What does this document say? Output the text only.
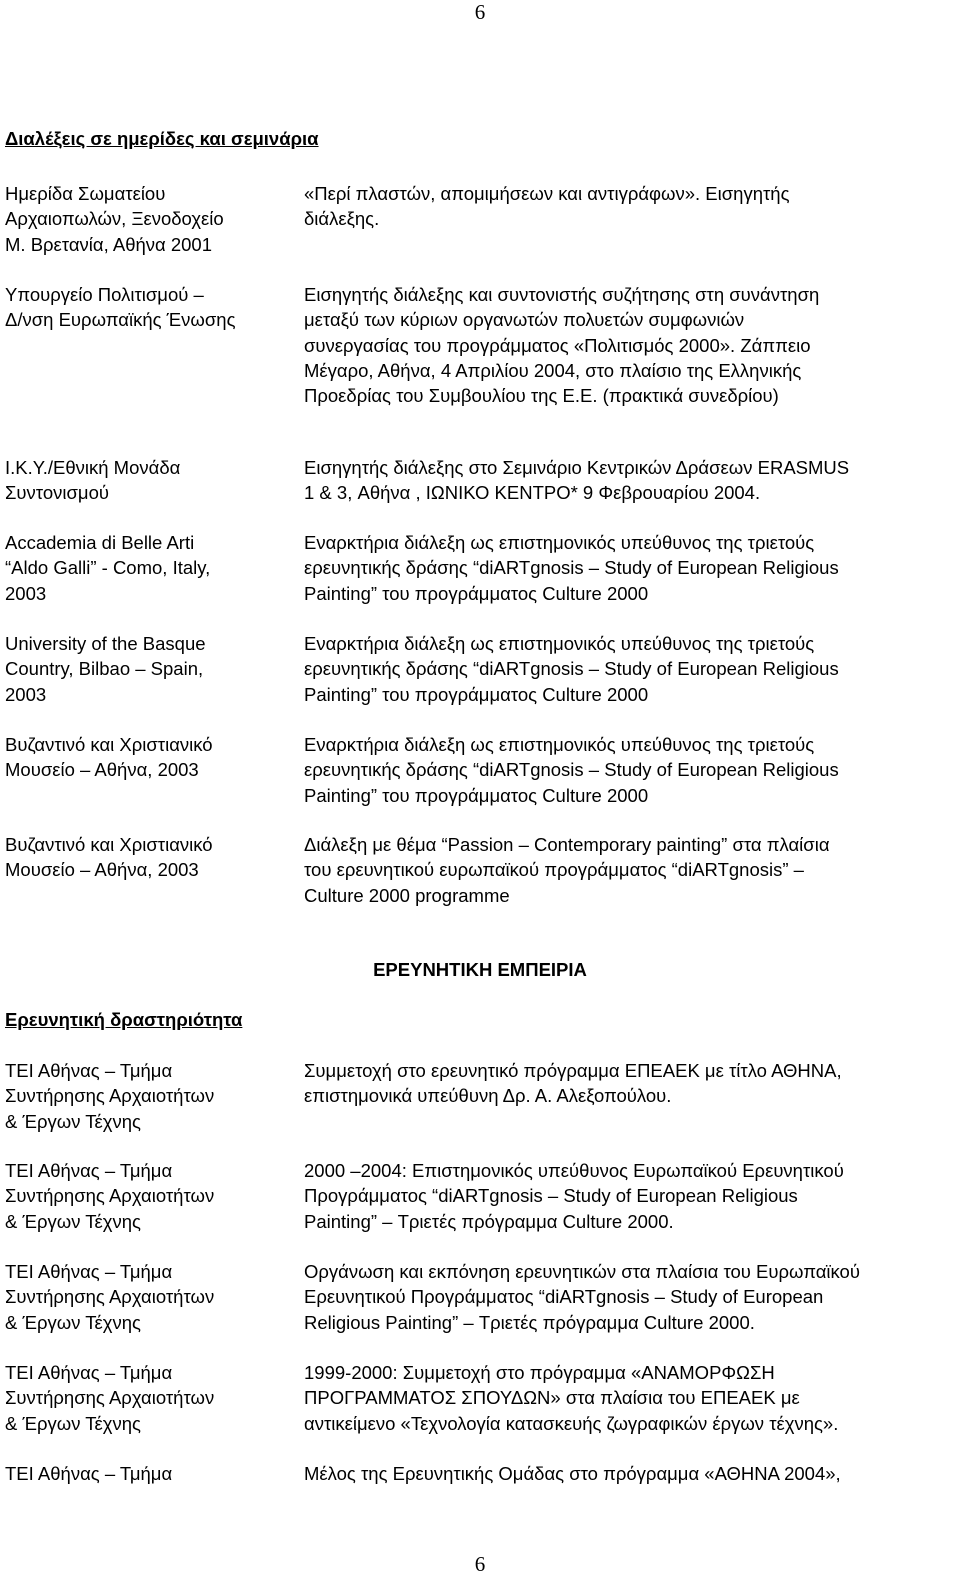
6
Διαλέξεις σε ημερίδες και σεμινάρια
Ημερίδα Σωματείου
Αρχαιοπωλών, Ξενοδοχείο
Μ. Βρετανία, Αθήνα 2001
«Περί πλαστών, απομιμήσεων και αντιγράφων». Εισηγητής
διάλεξης.
Υπουργείο Πολιτισμού –
Δ/νση Ευρωπαϊκής Ένωσης
Εισηγητής διάλεξης και συντονιστής συζήτησης στη συνάντηση
μεταξύ των κύριων οργανωτών πολυετών συμφωνιών
συνεργασίας του προγράμματος «Πολιτισμός 2000». Ζάππειο
Μέγαρο, Αθήνα, 4 Απριλίου 2004, στο πλαίσιο της Ελληνικής
Προεδρίας του Συμβουλίου της Ε.Ε. (πρακτικά συνεδρίου)
Ι.Κ.Υ./Εθνική Μονάδα
Συντονισμού
Εισηγητής διάλεξης στο Σεμινάριο Κεντρικών Δράσεων ERASMUS
1 & 3, Αθήνα , ΙΩΝΙΚΟ ΚΕΝΤΡΟ* 9 Φεβρουαρίου 2004.
Accademia di Belle Arti
“Aldo Galli” - Como, Italy,
2003
Εναρκτήρια διάλεξη ως επιστημονικός υπεύθυνος της τριετούς
ερευνητικής δράσης “diARTgnosis – Study of European Religious
Painting” του προγράμματος Culture 2000
University of the Basque
Country, Bilbao – Spain,
2003
Εναρκτήρια διάλεξη ως επιστημονικός υπεύθυνος της τριετούς
ερευνητικής δράσης “diARTgnosis – Study of European Religious
Painting” του προγράμματος Culture 2000
Βυζαντινό και Χριστιανικό
Μουσείο – Αθήνα, 2003
Εναρκτήρια διάλεξη ως επιστημονικός υπεύθυνος της τριετούς
ερευνητικής δράσης “diARTgnosis – Study of European Religious
Painting” του προγράμματος Culture 2000
Βυζαντινό και Χριστιανικό
Μουσείο – Αθήνα, 2003
Διάλεξη με θέμα “Passion – Contemporary painting” στα πλαίσια
του ερευνητικού ευρωπαϊκού προγράμματος “diARTgnosis” –
Culture 2000 programme
ΕΡΕΥΝΗΤΙΚΗ ΕΜΠΕΙΡΙΑ
Ερευνητική δραστηριότητα
ΤΕΙ Αθήνας – Τμήμα
Συντήρησης Αρχαιοτήτων
& Έργων Τέχνης
Συμμετοχή στο ερευνητικό πρόγραμμα ΕΠΕΑΕΚ με τίτλο ΑΘΗΝΑ,
επιστημονικά υπεύθυνη Δρ. Α. Αλεξοπούλου.
ΤΕΙ Αθήνας – Τμήμα
Συντήρησης Αρχαιοτήτων
& Έργων Τέχνης
2000 –2004: Επιστημονικός υπεύθυνος Ευρωπαϊκού Ερευνητικού
Προγράμματος “diARTgnosis – Study of European Religious
Painting” – Τριετές πρόγραμμα Culture 2000.
ΤΕΙ Αθήνας – Τμήμα
Συντήρησης Αρχαιοτήτων
& Έργων Τέχνης
Οργάνωση και εκπόνηση ερευνητικών στα πλαίσια του Ευρωπαϊκού
Ερευνητικού Προγράμματος “diARTgnosis – Study of European
Religious Painting” – Τριετές πρόγραμμα Culture 2000.
ΤΕΙ Αθήνας – Τμήμα
Συντήρησης Αρχαιοτήτων
& Έργων Τέχνης
1999-2000: Συμμετοχή στο πρόγραμμα «ΑΝΑΜΟΡΦΩΣΗ
ΠΡΟΓΡΑΜΜΑΤΟΣ ΣΠΟΥΔΩΝ» στα πλαίσια του ΕΠΕΑΕΚ με
αντικείμενο «Τεχνολογία κατασκευής ζωγραφικών έργων τέχνης».
ΤΕΙ Αθήνας – Τμήμα	Μέλος της Ερευνητικής Ομάδας στο πρόγραμμα «ΑΘΗΝΑ 2004»,
6
